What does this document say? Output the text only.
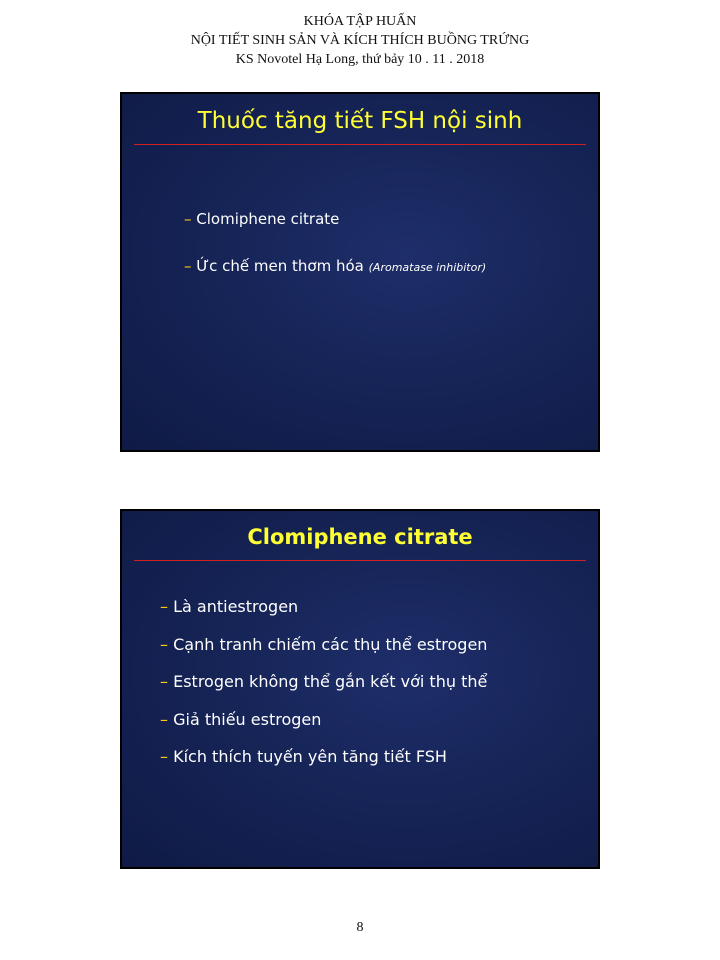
KHÓA TẬP HUẤN
NỘI TIẾT SINH SẢN VÀ KÍCH THÍCH BUỒNG TRỨNG
KS Novotel Hạ Long, thứ bảy 10 . 11 . 2018
Thuốc tăng tiết FSH nội sinh
– Clomiphene citrate
– Ức chế men thơm hóa (Aromatase inhibitor)
Clomiphene citrate
– Là antiestrogen
– Cạnh tranh chiếm các thụ thể estrogen
– Estrogen không thể gắn kết với thụ thể
– Giả thiếu estrogen
– Kích thích tuyến yên tăng tiết FSH
8
